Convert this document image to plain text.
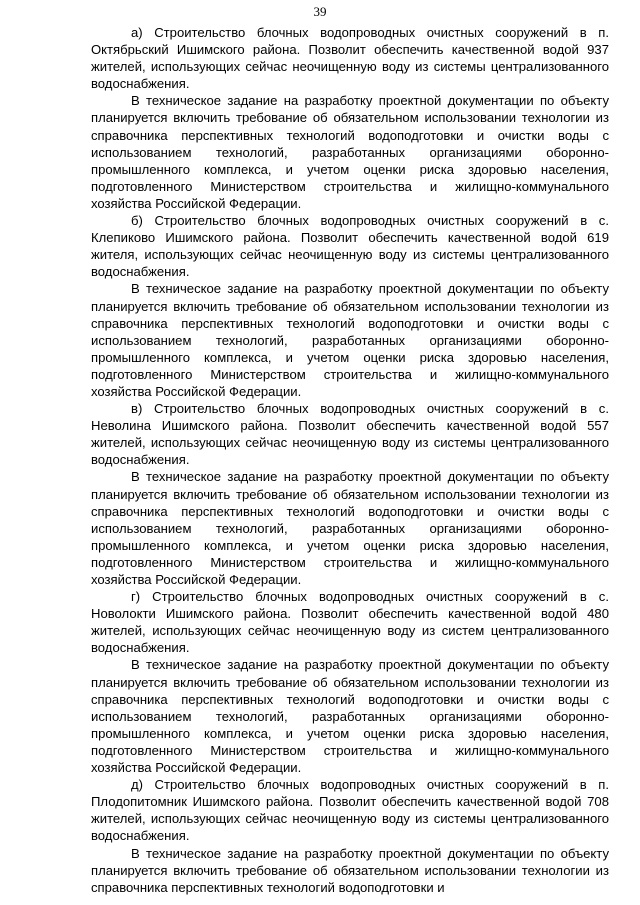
39

а) Строительство блочных водопроводных очистных сооружений в п. Октябрьский Ишимского района. Позволит обеспечить качественной водой 937 жителей, использующих сейчас неочищенную воду из системы централизованного водоснабжения.

В техническое задание на разработку проектной документации по объекту планируется включить требование об обязательном использовании технологии из справочника перспективных технологий водоподготовки и очистки воды с использованием технологий, разработанных организациями оборонно-промышленного комплекса, и учетом оценки риска здоровью населения, подготовленного Министерством строительства и жилищно-коммунального хозяйства Российской Федерации.

б) Строительство блочных водопроводных очистных сооружений в с. Клепиково Ишимского района. Позволит обеспечить качественной водой 619 жителя, использующих сейчас неочищенную воду из системы централизованного водоснабжения.

В техническое задание на разработку проектной документации по объекту планируется включить требование об обязательном использовании технологии из справочника перспективных технологий водоподготовки и очистки воды с использованием технологий, разработанных организациями оборонно-промышленного комплекса, и учетом оценки риска здоровью населения, подготовленного Министерством строительства и жилищно-коммунального хозяйства Российской Федерации.

в) Строительство блочных водопроводных очистных сооружений в с. Неволина Ишимского района. Позволит обеспечить качественной водой 557 жителей, использующих сейчас неочищенную воду из системы централизованного водоснабжения.

В техническое задание на разработку проектной документации по объекту планируется включить требование об обязательном использовании технологии из справочника перспективных технологий водоподготовки и очистки воды с использованием технологий, разработанных организациями оборонно-промышленного комплекса, и учетом оценки риска здоровью населения, подготовленного Министерством строительства и жилищно-коммунального хозяйства Российской Федерации.

г) Строительство блочных водопроводных очистных сооружений в с. Новолокти Ишимского района. Позволит обеспечить качественной водой 480 жителей, использующих сейчас неочищенную воду из систем централизованного водоснабжения.

В техническое задание на разработку проектной документации по объекту планируется включить требование об обязательном использовании технологии из справочника перспективных технологий водоподготовки и очистки воды с использованием технологий, разработанных организациями оборонно-промышленного комплекса, и учетом оценки риска здоровью населения, подготовленного Министерством строительства и жилищно-коммунального хозяйства Российской Федерации.

д) Строительство блочных водопроводных очистных сооружений в п. Плодопитомник Ишимского района. Позволит обеспечить качественной водой 708 жителей, использующих сейчас неочищенную воду из системы централизованного водоснабжения.

В техническое задание на разработку проектной документации по объекту планируется включить требование об обязательном использовании технологии из справочника перспективных технологий водоподготовки и
